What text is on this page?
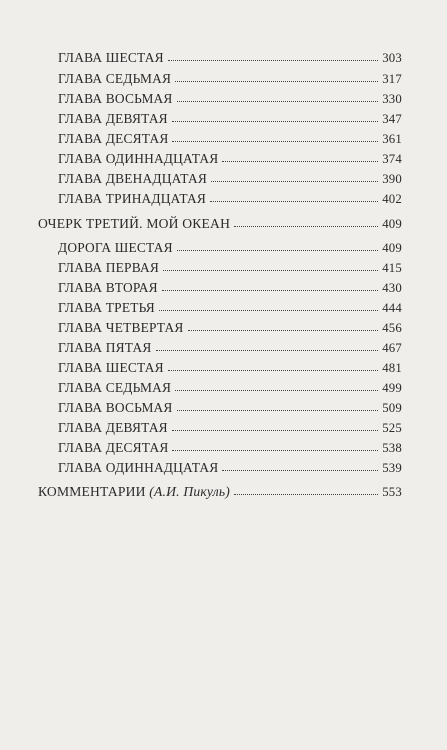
ГЛАВА ШЕСТАЯ	303
ГЛАВА СЕДЬМАЯ	317
ГЛАВА ВОСЬМАЯ	330
ГЛАВА ДЕВЯТАЯ	347
ГЛАВА ДЕСЯТАЯ	361
ГЛАВА ОДИННАДЦАТАЯ	374
ГЛАВА ДВЕНАДЦАТАЯ	390
ГЛАВА ТРИНАДЦАТАЯ	402
ОЧЕРК ТРЕТИЙ. МОЙ ОКЕАН	409
ДОРОГА ШЕСТАЯ	409
ГЛАВА ПЕРВАЯ	415
ГЛАВА ВТОРАЯ	430
ГЛАВА ТРЕТЬЯ	444
ГЛАВА ЧЕТВЕРТАЯ	456
ГЛАВА ПЯТАЯ	467
ГЛАВА ШЕСТАЯ	481
ГЛАВА СЕДЬМАЯ	499
ГЛАВА ВОСЬМАЯ	509
ГЛАВА ДЕВЯТАЯ	525
ГЛАВА ДЕСЯТАЯ	538
ГЛАВА ОДИННАДЦАТАЯ	539
КОММЕНТАРИИ (А.И. Пикуль)	553
